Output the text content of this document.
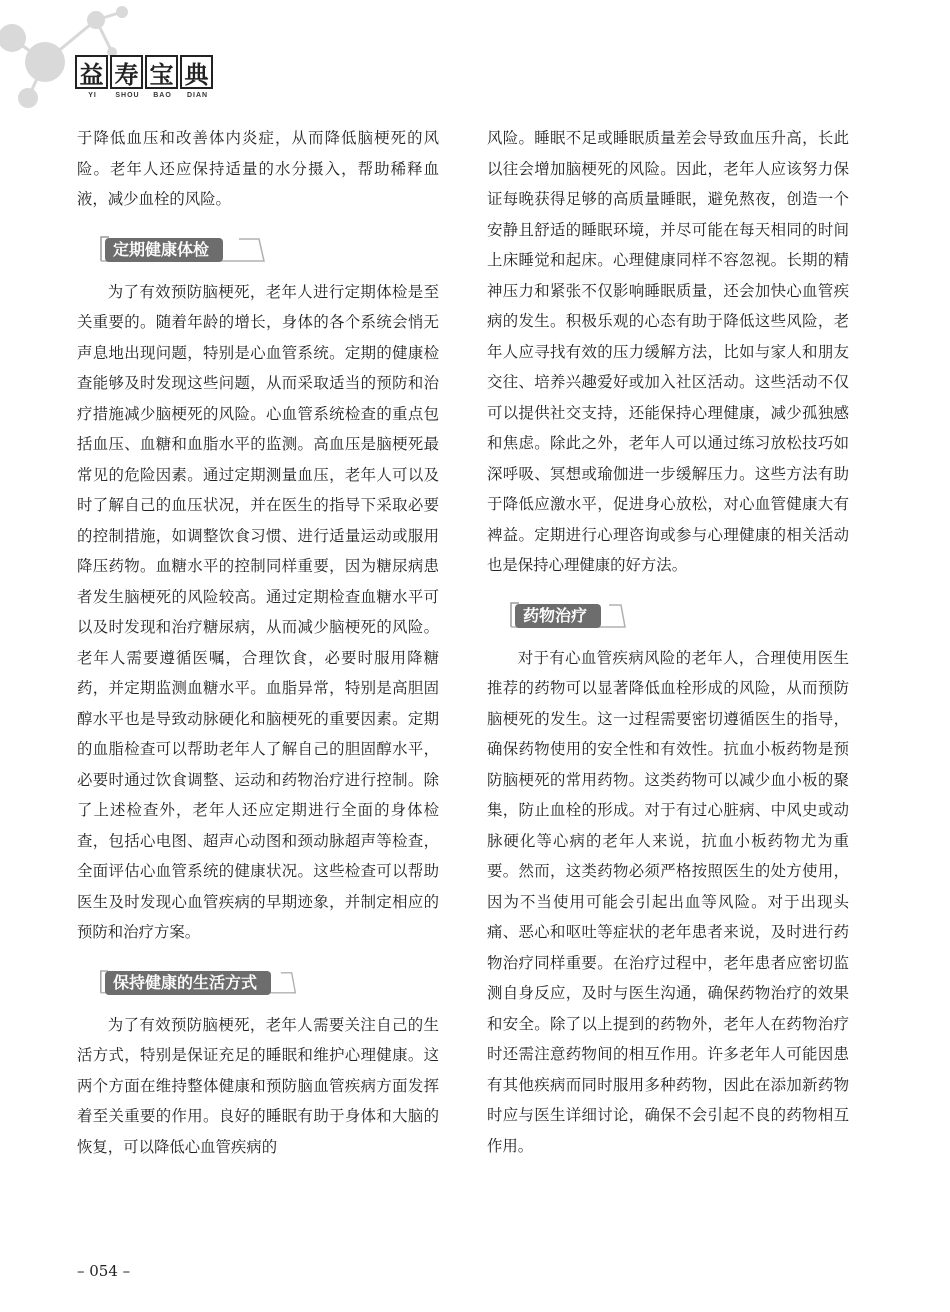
益 寿 宝 典
YI	SHOU	BAO	DIAN

于降低血压和改善体内炎症，从而降低脑梗死的风险。老年人还应保持适量的水分摄入，帮助稀释血液，减少血栓的风险。

定期健康体检

为了有效预防脑梗死，老年人进行定期体检是至关重要的。随着年龄的增长，身体的各个系统会悄无声息地出现问题，特别是心血管系统。定期的健康检查能够及时发现这些问题，从而采取适当的预防和治疗措施减少脑梗死的风险。心血管系统检查的重点包括血压、血糖和血脂水平的监测。高血压是脑梗死最常见的危险因素。通过定期测量血压，老年人可以及时了解自己的血压状况，并在医生的指导下采取必要的控制措施，如调整饮食习惯、进行适量运动或服用降压药物。血糖水平的控制同样重要，因为糖尿病患者发生脑梗死的风险较高。通过定期检查血糖水平可以及时发现和治疗糖尿病，从而减少脑梗死的风险。老年人需要遵循医嘱，合理饮食，必要时服用降糖药，并定期监测血糖水平。血脂异常，特别是高胆固醇水平也是导致动脉硬化和脑梗死的重要因素。定期的血脂检查可以帮助老年人了解自己的胆固醇水平，必要时通过饮食调整、运动和药物治疗进行控制。除了上述检查外，老年人还应定期进行全面的身体检查，包括心电图、超声心动图和颈动脉超声等检查，全面评估心血管系统的健康状况。这些检查可以帮助医生及时发现心血管疾病的早期迹象，并制定相应的预防和治疗方案。

保持健康的生活方式

为了有效预防脑梗死，老年人需要关注自己的生活方式，特别是保证充足的睡眠和维护心理健康。这两个方面在维持整体健康和预防脑血管疾病方面发挥着至关重要的作用。良好的睡眠有助于身体和大脑的恢复，可以降低心血管疾病的

风险。睡眠不足或睡眠质量差会导致血压升高，长此以往会增加脑梗死的风险。因此，老年人应该努力保证每晚获得足够的高质量睡眠，避免熬夜，创造一个安静且舒适的睡眠环境，并尽可能在每天相同的时间上床睡觉和起床。心理健康同样不容忽视。长期的精神压力和紧张不仅影响睡眠质量，还会加快心血管疾病的发生。积极乐观的心态有助于降低这些风险，老年人应寻找有效的压力缓解方法，比如与家人和朋友交往、培养兴趣爱好或加入社区活动。这些活动不仅可以提供社交支持，还能保持心理健康，减少孤独感和焦虑。除此之外，老年人可以通过练习放松技巧如深呼吸、冥想或瑜伽进一步缓解压力。这些方法有助于降低应激水平，促进身心放松，对心血管健康大有裨益。定期进行心理咨询或参与心理健康的相关活动也是保持心理健康的好方法。

药物治疗

对于有心血管疾病风险的老年人，合理使用医生推荐的药物可以显著降低血栓形成的风险，从而预防脑梗死的发生。这一过程需要密切遵循医生的指导，确保药物使用的安全性和有效性。抗血小板药物是预防脑梗死的常用药物。这类药物可以减少血小板的聚集，防止血栓的形成。对于有过心脏病、中风史或动脉硬化等心病的老年人来说，抗血小板药物尤为重要。然而，这类药物必须严格按照医生的处方使用，因为不当使用可能会引起出血等风险。对于出现头痛、恶心和呕吐等症状的老年患者来说，及时进行药物治疗同样重要。在治疗过程中，老年患者应密切监测自身反应，及时与医生沟通，确保药物治疗的效果和安全。除了以上提到的药物外，老年人在药物治疗时还需注意药物间的相互作用。许多老年人可能因患有其他疾病而同时服用多种药物，因此在添加新药物时应与医生详细讨论，确保不会引起不良的药物相互作用。

– 054 –
